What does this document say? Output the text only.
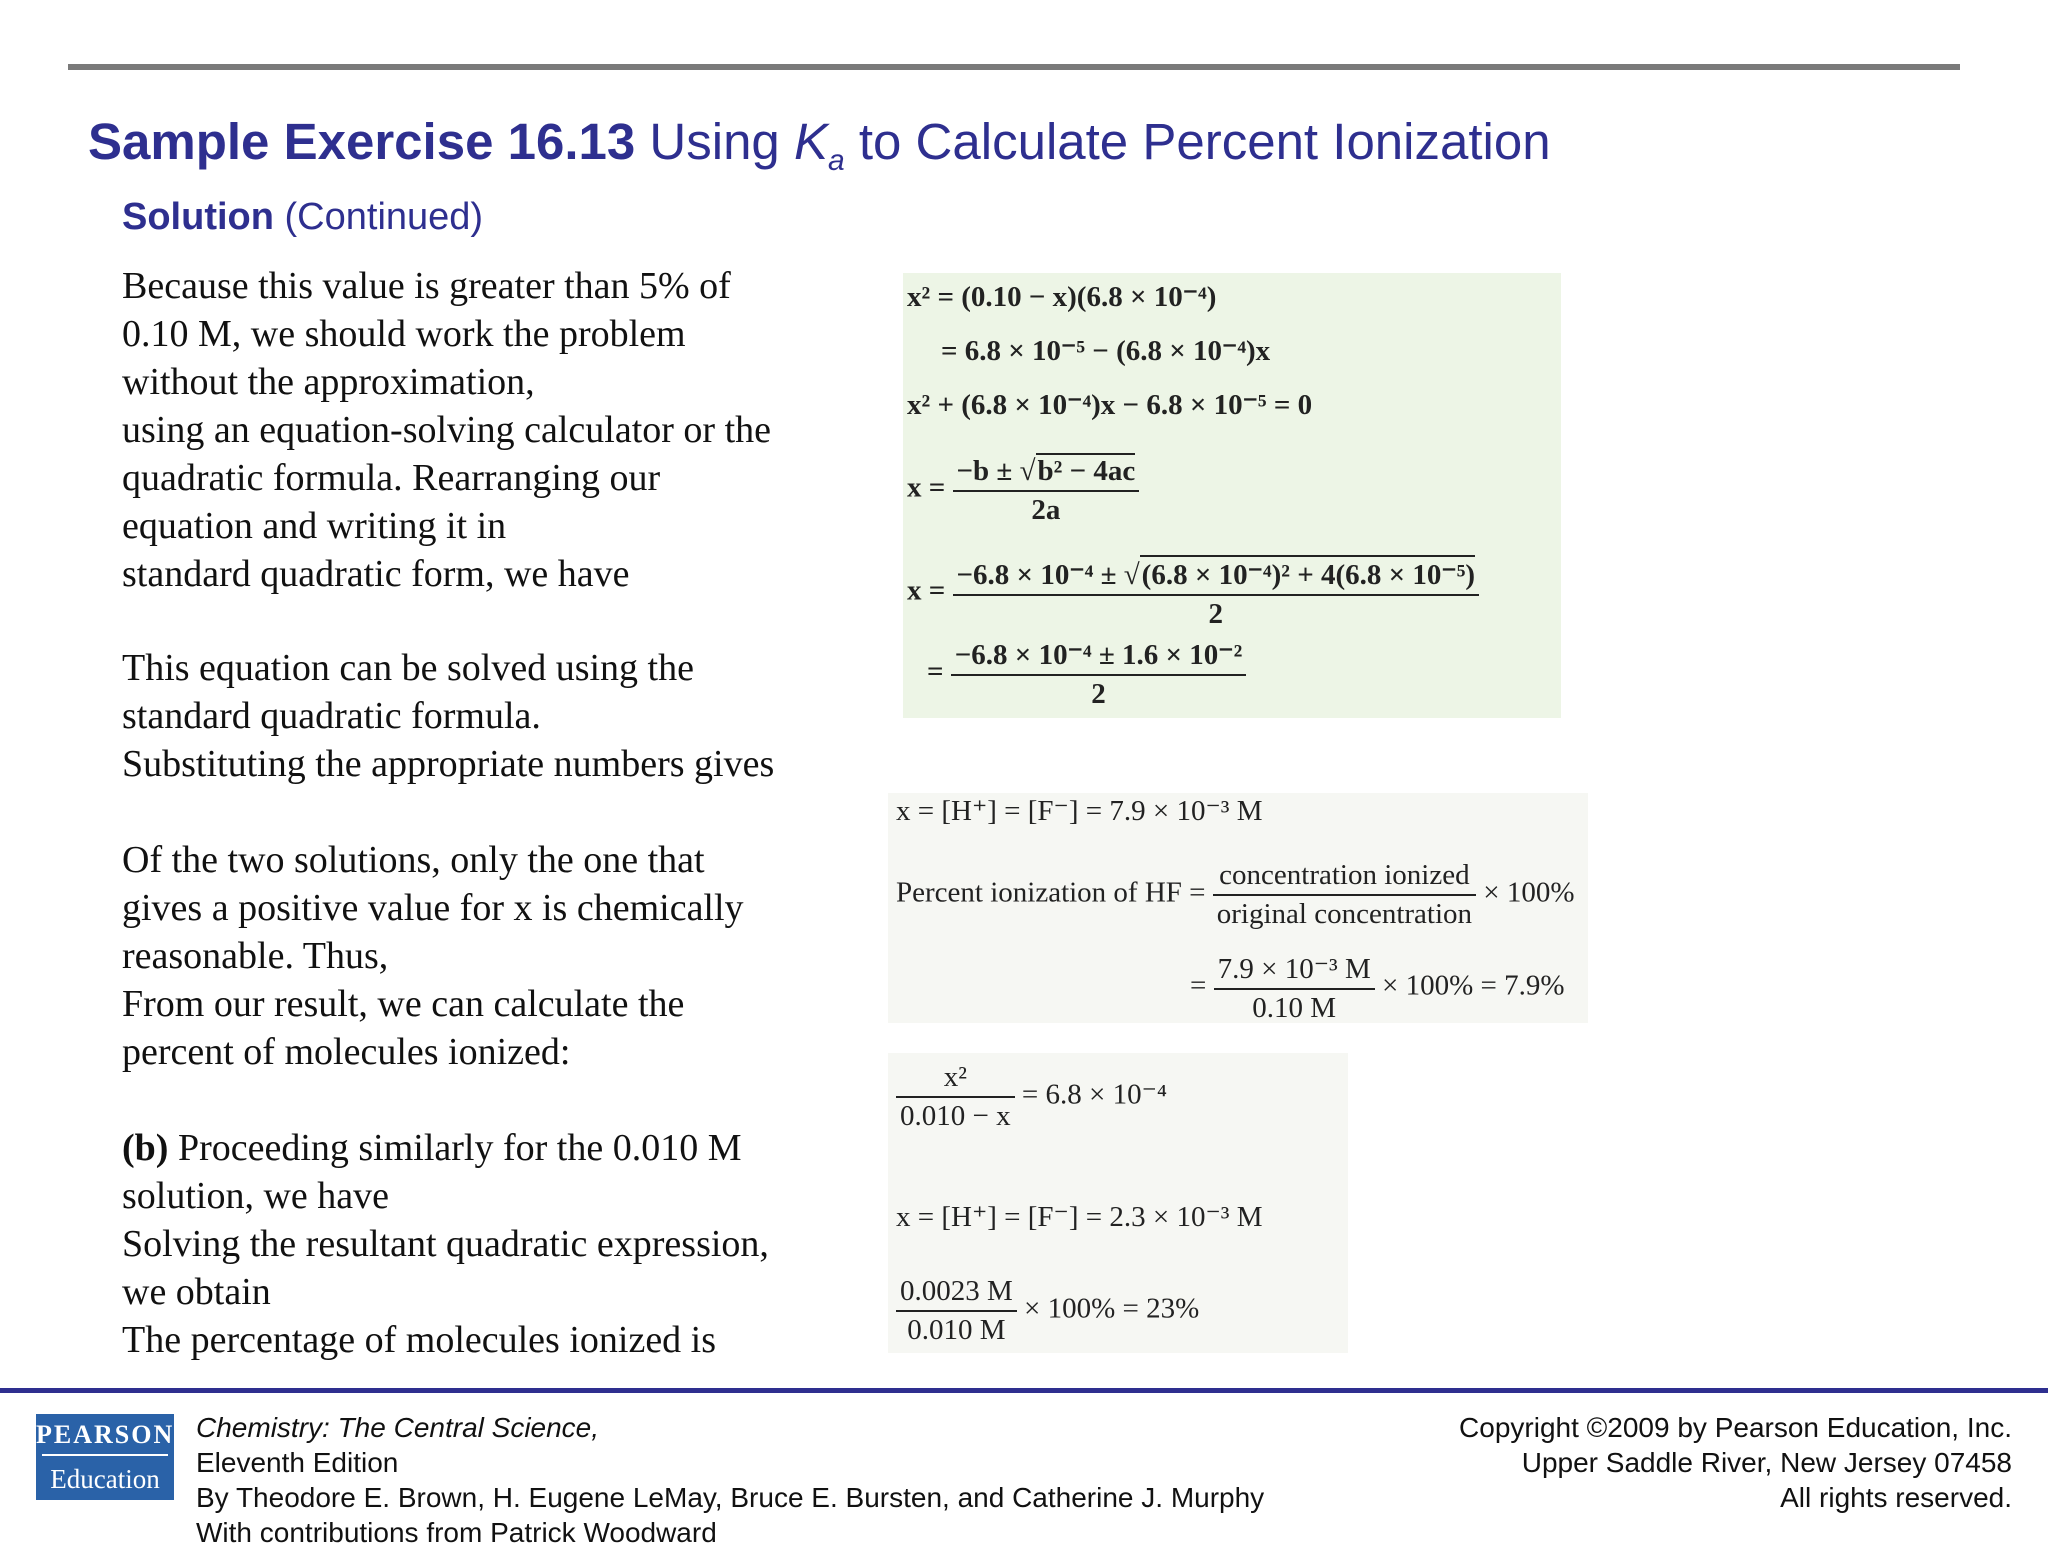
Sample Exercise 16.13 Using $K_a$ to Calculate Percent Ionization
Solution (Continued)
Because this value is greater than 5% of
0.10 M, we should work the problem
without the approximation,
using an equation-solving calculator or the
quadratic formula. Rearranging our
equation and writing it in
standard quadratic form, we have
This equation can be solved using the
standard quadratic formula.
Substituting the appropriate numbers gives
Of the two solutions, only the one that
gives a positive value for x is chemically
reasonable. Thus,
From our result, we can calculate the
percent of molecules ionized:
(b) Proceeding similarly for the 0.010 M
solution, we have
Solving the resultant quadratic expression,
we obtain
The percentage of molecules ionized is
x² = (0.10 − x)(6.8 × 10⁻⁴)
= 6.8 × 10⁻⁵ − (6.8 × 10⁻⁴)x
x² + (6.8 × 10⁻⁴)x − 6.8 × 10⁻⁵ = 0
$x = \frac{\text{−b ± √b² − 4ac}}{2a}$
$x = \frac{\text{−6.8 × 10⁻⁴ ± √(6.8 × 10⁻⁴)² + 4(6.8 × 10⁻⁵)}}{2}$
= $\frac{\text{−6.8 × 10⁻⁴ ± 1.6 × 10⁻²}}{2}$
x = [H⁺] = [F⁻] = 7.9 × 10⁻³ M
Percent ionization of HF = $\frac{\text{concentration ionized}}{\text{original concentration}} \times 100\%$
= $\frac{\text{7.9 × 10⁻³ M}}{0.10 M} \times 100\% = 7.9\%$
$\frac{\text{x²}}{0.010 - x} = 6.8 \times 10^{-4}$
x = [H⁺] = [F⁻] = 2.3 × 10⁻³ M
$\frac{0.0023 M}{0.010 M} \times 100\% = 23\%$
PEARSON
Education
Chemistry: The Central Science,
Eleventh Edition
By Theodore E. Brown, H. Eugene LeMay, Bruce E. Bursten, and Catherine J. Murphy
With contributions from Patrick Woodward
Copyright ©2009 by Pearson Education, Inc.
Upper Saddle River, New Jersey 07458
All rights reserved.
